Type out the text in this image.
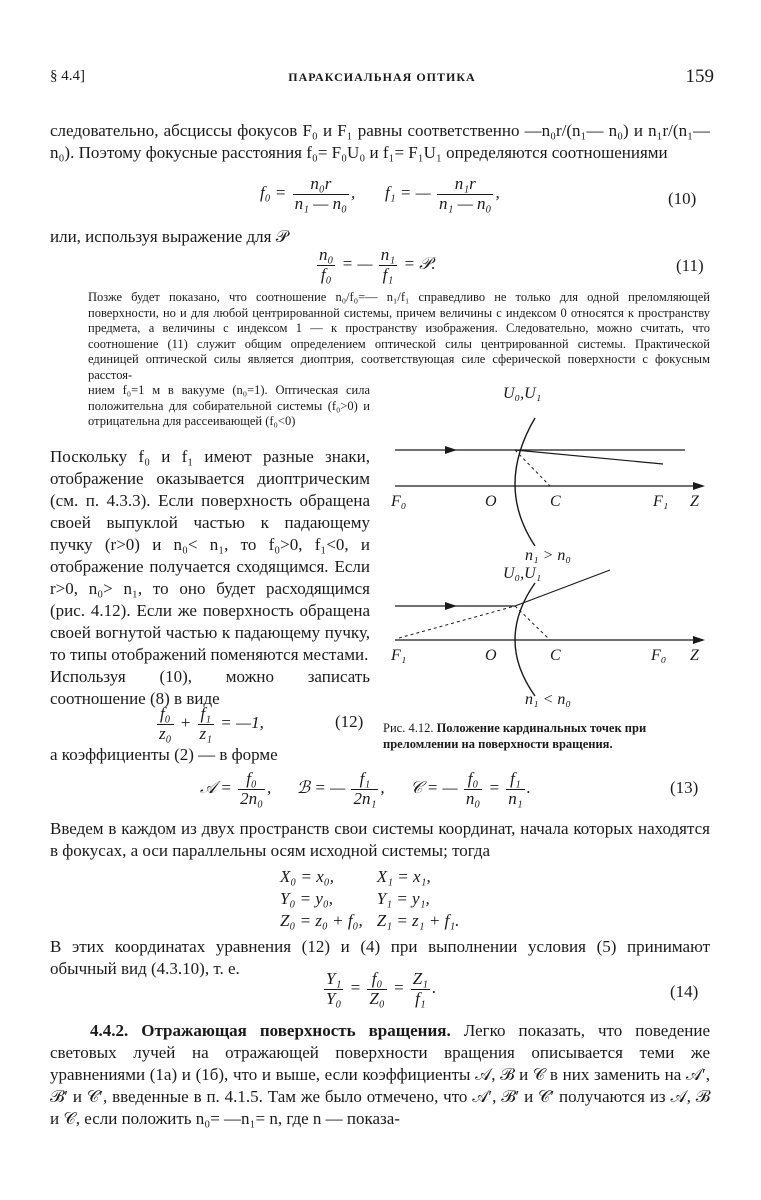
§ 4.4]	ПАРАКСИАЛЬНАЯ ОПТИКА	159
следовательно, абсциссы фокусов F₀ и F₁ равны соответственно —n₀r/(n₁— n₀) и n₁r/(n₁— n₀). Поэтому фокусные расстояния f₀= F₀U₀ и f₁= F₁U₁ определяются соотношениями
$f_0 = \frac{\text{n₀r}}{\text{n₁ — n₀}}$ ,       f₁ = — $\frac{\text{n₁r}}{\text{n₁ — n₀}}$ ,	(10)
или, используя выражение для 𝒫
$\frac{\text{n₀}}{\text{f₀}}$ = — $\frac{\text{n₁}}{\text{f₁}}$ = 𝒫.	(11)
Позже будет показано, что соотношение n₀/f₀=— n₁/f₁ справедливо не только для одной преломляющей поверхности, но и для любой центрированной системы, причем величины с индексом 0 относятся к пространству предмета, а величины с индексом 1 — к пространству изображения. Следовательно, можно считать, что соотношение (11) служит общим определением оптической силы центрированной системы. Практической единицей оптической силы является диоптрия, соответствующая силе сферической поверхности с фокусным расстоя-
нием f₀=1 м в вакууме (n₀=1). Оптическая сила положительна для собирательной системы (f₀>0) и отрицательна для рассеивающей (f₀<0)
Поскольку f₀ и f₁ имеют разные знаки, отображение оказывается диоптрическим (см. п. 4.3.3). Если поверхность обращена своей выпуклой частью к падающему пучку (r>0) и n₀< n₁, то f₀>0, f₁<0, и отображение получается сходящимся. Если r>0, n₀> n₁, то оно будет расходящимся (рис. 4.12). Если же поверхность обращена своей вогнутой частью к падающему пучку, то типы отображений поменяются местами.
Используя (10), можно записать соотношение (8) в виде
$\frac{\text{f₀}}{\text{z₀}} + \frac{\text{f₁}}{\text{z₁}}$ = —1,	(12)
а коэффициенты (2) — в форме
𝒜 = $\frac{\text{f₀}}{\text{2n₀}}$ ,      ℬ = — $\frac{\text{f₁}}{\text{2n₁}}$ ,      𝒞 = — $\frac{\text{f₀}}{\text{n₀}} = \frac{\text{f₁}}{\text{n₁}}$ .	(13)
Введем в каждом из двух пространств свои системы координат, начала которых находятся в фокусах, а оси параллельны осям исходной системы; тогда
X₀ = x₀,	X₁ = x₁,
Y₀ = y₀,	Y₁ = y₁,
Z₀ = z₀ + f₀,	Z₁ = z₁ + f₁.
В этих координатах уравнения (12) и (4) при выполнении условия (5) принимают обычный вид (4.3.10), т. е.
$\frac{\text{Y₁}}{\text{Y₀}} = \frac{\text{f₀}}{\text{Z₀}} = \frac{\text{Z₁}}{\text{f₁}}$ .	(14)
4.4.2. Отражающая поверхность вращения. Легко показать, что поведение световых лучей на отражающей поверхности вращения описывается теми же уравнениями (1а) и (1б), что и выше, если коэффициенты 𝒜, ℬ и 𝒞 в них заменить на 𝒜′, ℬ′ и 𝒞′, введенные в п. 4.1.5. Там же было отмечено, что 𝒜′, ℬ′ и 𝒞′ получаются из 𝒜, ℬ и 𝒞, если положить n₀= —n₁= n, где n — показа-
U₀,U₁
F₀	O	C	F₁ Z
n₁ > n₀
U₀,U₁
F₁	O	C	F₀ Z
n₁ < n₀
Рис. 4.12. Положение кардинальных точек при преломлении на поверхности вращения.
